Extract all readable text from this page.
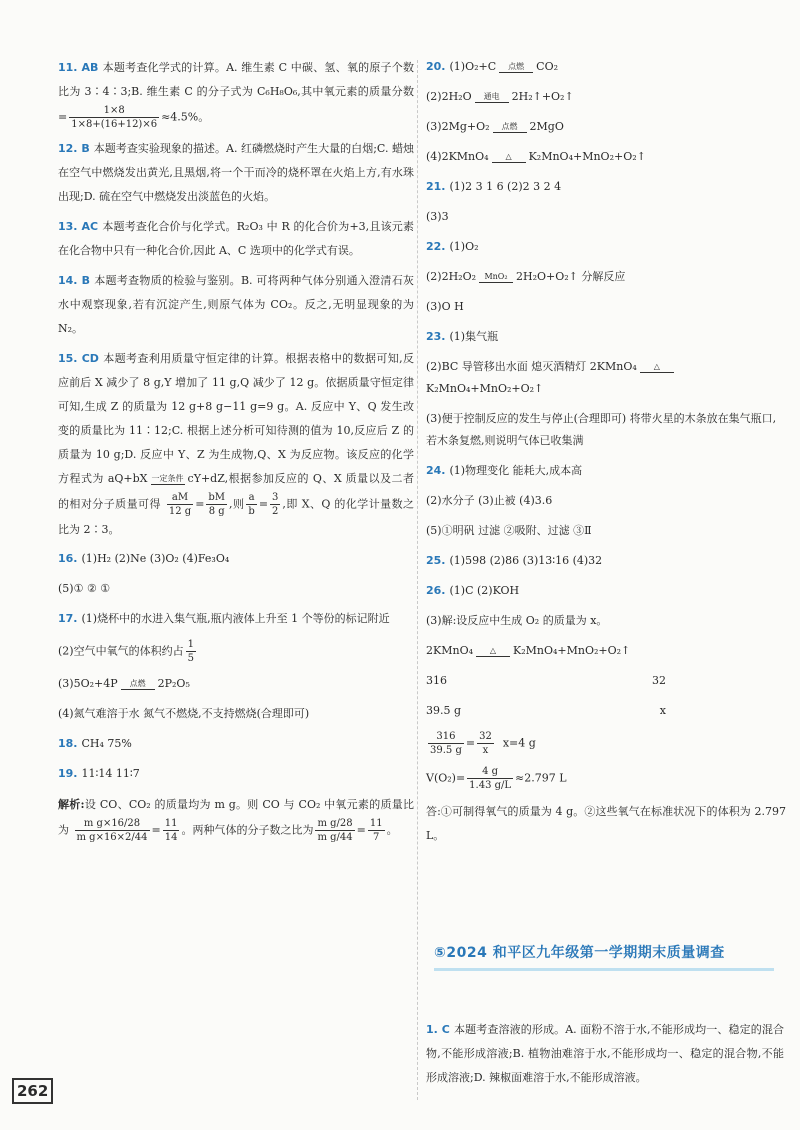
11. AB 本题考查化学式的计算。A. 维生素 C 中碳、氢、氧的原子个数比为 3∶4∶3;B. 维生素 C 的分子式为 C₆H₈O₆,其中氧元素的质量分数= $\frac{1\times 8}{1\times 8+(16+12)\times 6} \approx 4.5\%$。

12. B 本题考查实验现象的描述。A. 红磷燃烧时产生大量的白烟;C. 蜡烛在空气中燃烧发出黄光,且黑烟,将一个干而冷的烧杯罩在火焰上方,有水珠出现;D. 硫在空气中燃烧发出淡蓝色的火焰。

13. AC 本题考查化合价与化学式。R₂O₃ 中 R 的化合价为+3,且该元素在化合物中只有一种化合价,因此 A、C 选项中的化学式有误。

14. B 本题考查物质的检验与鉴别。B. 可将两种气体分别通入澄清石灰水中观察现象,若有沉淀产生,则原气体为 CO₂。反之,无明显现象的为 N₂。

15. CD 本题考查利用质量守恒定律的计算。根据表格中的数据可知,反应前后 X 减少了 8 g,Y 增加了 11 g,Q 减少了 12 g。依据质量守恒定律可知,生成 Z 的质量为 12 g+8 g−11 g=9 g。A. 反应中 Y、Q 发生改变的质量比为 11∶12;C. 根据上述分析可知待测的值为 10,反应后 Z 的质量为 10 g;D. 反应中 Y、Z 为生成物,Q、X 为反应物。该反应的化学方程式为 aQ+bX 一定条件 cY+dZ,根据参加反应的 Q、X 质量以及二者的相对分子质量可得 $\frac{aM}{12 g} = \frac{bM}{8 g}$ ,则 $\frac{a}{b} = \frac{3}{2}$ ,即 X、Q 的化学计量数之比为 2∶3。

16. (1)H₂ (2)Ne (3)O₂ (4)Fe₃O₄

(5)① ② ①

17. (1)烧杯中的水进入集气瓶,瓶内液体上升至 1 个等份的标记附近

(2)空气中氧气的体积约占 $\frac{1}{5}$

(3)5O₂+4P	点燃	2P₂O₅

(4)氮气难溶于水 氮气不燃烧,不支持燃烧(合理即可)

18. CH₄ 75%

19. 11∶14 11∶7

解析:设 CO、CO₂ 的质量均为 m g。则 CO 与 CO₂ 中氧元素的质量比为 $\frac{\text{m g×16/28}}{\text{m g×16×2/44}} = \frac{11}{14}$ 。两种气体的分子数之比为 $\frac{\text{m g/28}}{\text{m g/44}} = \frac{11}{7}$ 。

20. (1)O₂+C	点燃	CO₂

(2)2H₂O	通电	2H₂↑+O₂↑

(3)2Mg+O₂	点燃	2MgO

(4)2KMnO₄	△	K₂MnO₄+MnO₂+O₂↑

21. (1)2 3 1 6 (2)2 3 2 4

(3)3

22. (1)O₂

(2)2H₂O₂	MnO₂ 2H₂O+O₂↑ 分解反应

(3)O H

23. (1)集气瓶

(2)BC 导管移出水面 熄灭酒精灯 2KMnO₄	△
K₂MnO₄+MnO₂+O₂↑

(3)便于控制反应的发生与停止(合理即可) 将带火星的木条放在集气瓶口,若木条复燃,则说明气体已收集满

24. (1)物理变化 能耗大,成本高

(2)水分子 (3)止被 (4)3.6

(5)①明矾 过滤 ②吸附、过滤 ③Ⅱ

25. (1)598 (2)86 (3)13∶16 (4)32

26. (1)C (2)KOH

(3)解:设反应中生成 O₂ 的质量为 x。

2KMnO₄	△	K₂MnO₄+MnO₂+O₂↑

316	32
39.5 g	x

$\frac{316}{39.5 g} = \frac{32}{x} x=4$ g

$V(O_2)= \frac{4 g}{1.43 g/L} \approx 2.797$ L

答:①可制得氧气的质量为 4 g。②这些氧气在标准状况下的体积为 2.797 L。

⑤2024 和平区九年级第一学期期末质量调查

1. C 本题考查溶液的形成。A. 面粉不溶于水,不能形成均一、稳定的混合物,不能形成溶液;B. 植物油难溶于水,不能形成均一、稳定的混合物,不能形成溶液;D. 辣椒面难溶于水,不能形成溶液。

262
